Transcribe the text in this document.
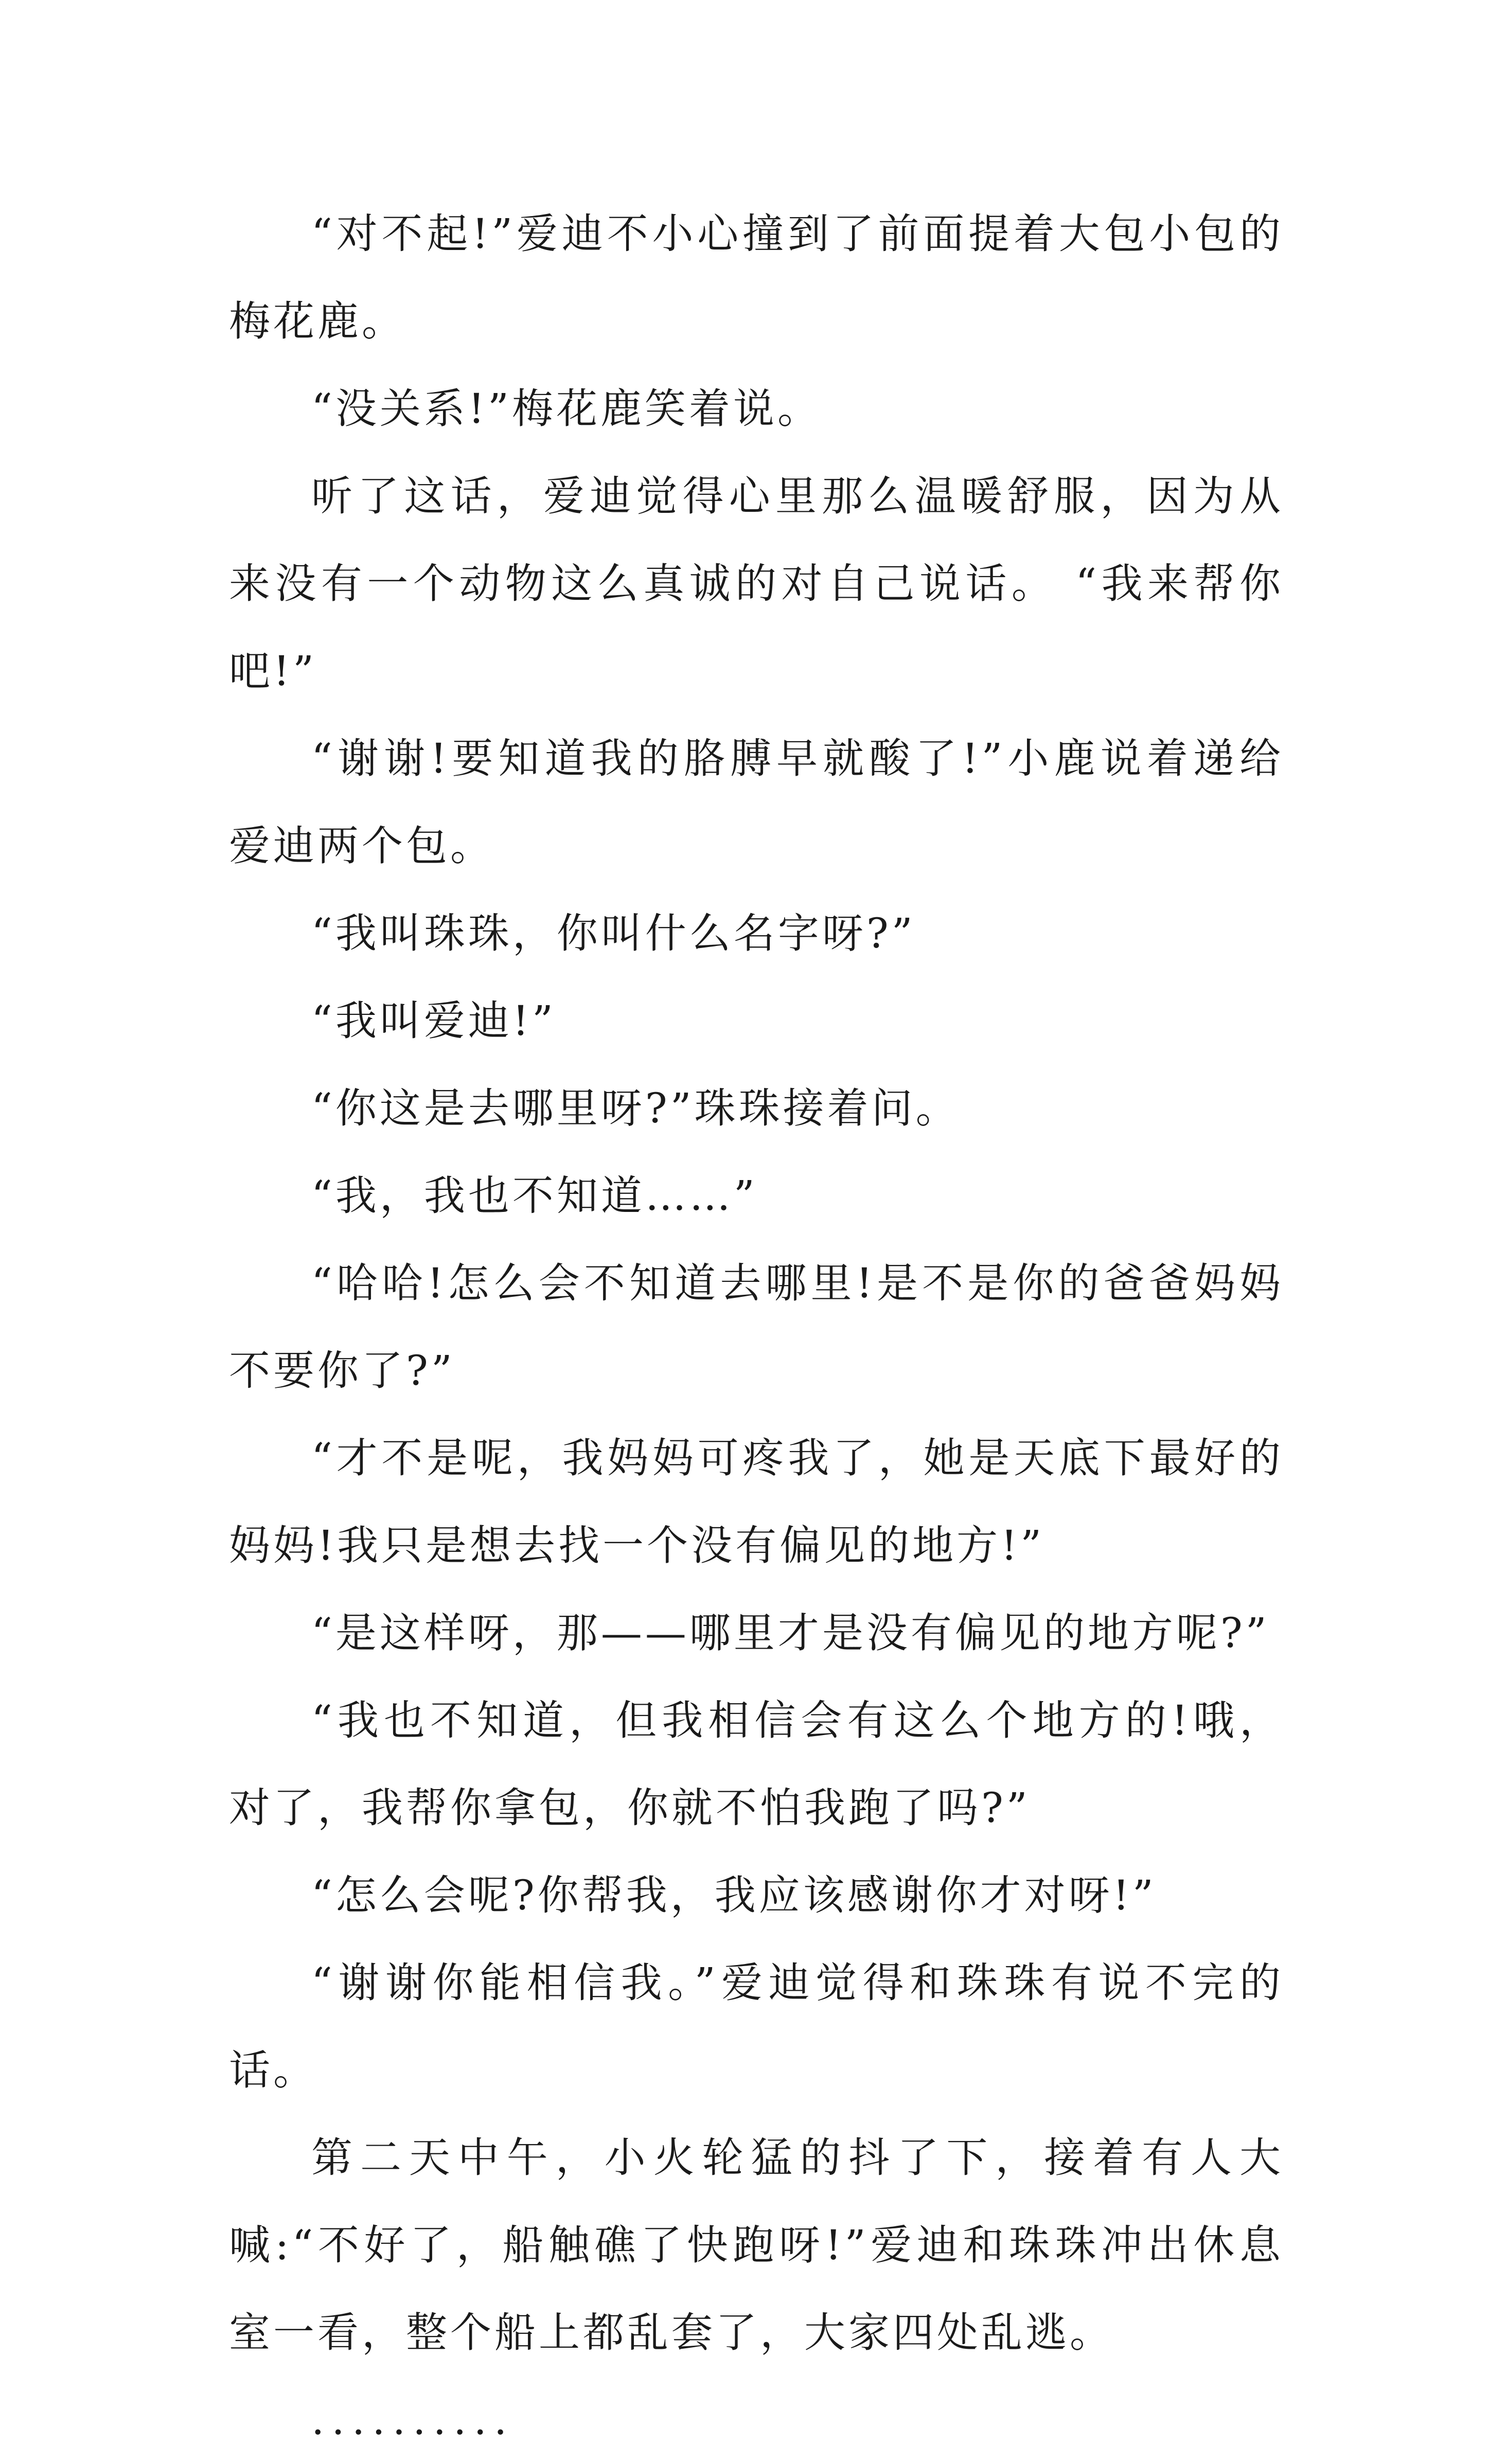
“对不起!”爱迪不小心撞到了前面提着大包小包的梅花鹿。

“没关系!”梅花鹿笑着说。

听了这话，爱迪觉得心里那么温暖舒服，因为从来没有一个动物这么真诚的对自己说话。 “我来帮你吧!”

“谢谢!要知道我的胳膊早就酸了!”小鹿说着递给爱迪两个包。

“我叫珠珠，你叫什么名字呀?”

“我叫爱迪!”

“你这是去哪里呀?”珠珠接着问。

“我，我也不知道……”

“哈哈!怎么会不知道去哪里!是不是你的爸爸妈妈不要你了?”

“才不是呢，我妈妈可疼我了，她是天底下最好的妈妈!我只是想去找一个没有偏见的地方!”

“是这样呀，那——哪里才是没有偏见的地方呢?”

“我也不知道，但我相信会有这么个地方的!哦，对了，我帮你拿包，你就不怕我跑了吗?”

“怎么会呢?你帮我，我应该感谢你才对呀!”

“谢谢你能相信我。”爱迪觉得和珠珠有说不完的话。

第二天中午，小火轮猛的抖了下，接着有人大喊:“不好了，船触礁了快跑呀!”爱迪和珠珠冲出休息室一看，整个船上都乱套了，大家四处乱逃。

..........
